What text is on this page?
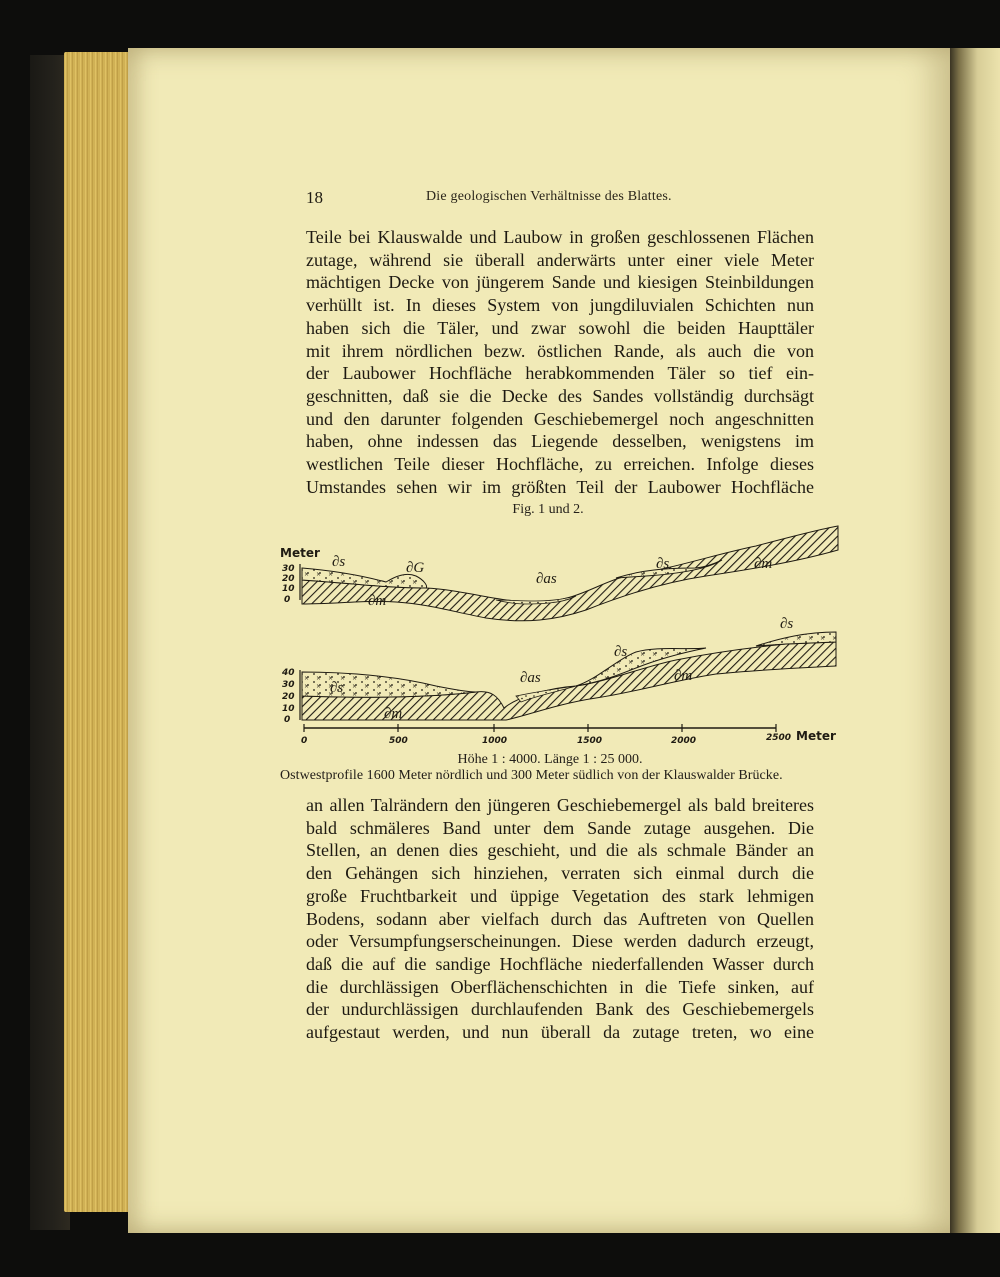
18	Die geologischen Verhältnisse des Blattes.
Teile bei Klauswalde und Laubow in großen geschlossenen Flächen
zutage, während sie überall anderwärts unter einer viele Meter
mächtigen Decke von jüngerem Sande und kiesigen Steinbildungen
verhüllt ist. In dieses System von jungdiluvialen Schichten nun
haben sich die Täler, und zwar sowohl die beiden Haupttäler
mit ihrem nördlichen bezw. östlichen Rande, als auch die von
der Laubower Hochfläche herabkommenden Täler so tief ein-
geschnitten, daß sie die Decke des Sandes vollständig durchsägt
und den darunter folgenden Geschiebemergel noch angeschnitten
haben, ohne indessen das Liegende desselben, wenigstens im
westlichen Teile dieser Hochfläche, zu erreichen. Infolge dieses
Umstandes sehen wir im größten Teil der Laubower Hochfläche
Fig. 1 und 2.
Meter
30
20
10
0
∂s	∂G
∂m
∂as
∂s	∂m
40
30
20
10
0
∂s
∂m
∂as
∂s
∂m
∂s
0	500	1000	1500	2000	2500 Meter
Höhe 1 : 4000. Länge 1 : 25 000.
Ostwestprofile 1600 Meter nördlich und 300 Meter südlich von der Klauswalder Brücke.
an allen Talrändern den jüngeren Geschiebemergel als bald breiteres
bald schmäleres Band unter dem Sande zutage ausgehen. Die
Stellen, an denen dies geschieht, und die als schmale Bänder an
den Gehängen sich hinziehen, verraten sich einmal durch die
große Fruchtbarkeit und üppige Vegetation des stark lehmigen
Bodens, sodann aber vielfach durch das Auftreten von Quellen
oder Versumpfungserscheinungen. Diese werden dadurch erzeugt,
daß die auf die sandige Hochfläche niederfallenden Wasser durch
die durchlässigen Oberflächenschichten in die Tiefe sinken, auf
der undurchlässigen durchlaufenden Bank des Geschiebemergels
aufgestaut werden, und nun überall da zutage treten, wo eine
